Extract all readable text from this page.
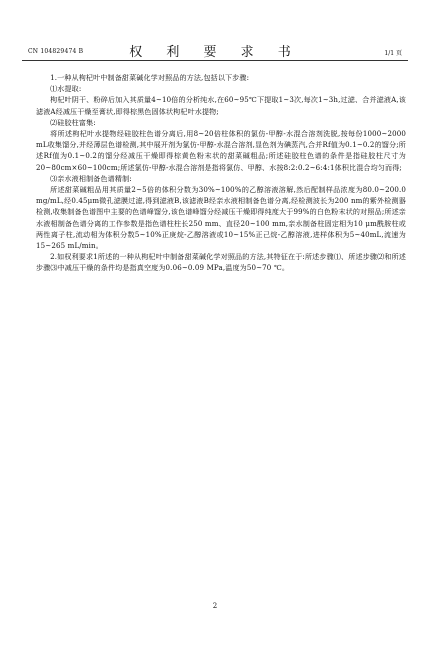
CN 104829474 B	权 利 要 求 书	1/1 页

1.一种从枸杞叶中制备甜菜碱化学对照品的方法,包括以下步骤:

⑴水提取:

枸杞叶阴干、粉碎后加入其质量4~10倍的分析纯水,在60~95℃下提取1~3次,每次1~3h,过滤、合并滤液A,该滤液A经减压干燥至膏状,即得棕黑色固体状枸杞叶水提物;

⑵硅胶柱富集:

将所述枸杞叶水提物经硅胶柱色谱分离后,用8~20倍柱体积的氯仿-甲醇-水混合溶剂洗脱,按每份1000~2000 mL收集馏分,并经薄层色谱检测,其中展开剂为氯仿-甲醇-水混合溶剂,显色剂为碘蒸汽,合并Rf值为0.1~0.2的馏分;所述Rf值为0.1~0.2的馏分经减压干燥即得棕黄色粉末状的甜菜碱粗品;所述硅胶柱色谱的条件是指硅胶柱尺寸为20~80cm×60~100cm;所述氯仿-甲醇-水混合溶剂是指将氯仿、甲醇、水按8:2:0.2~6:4:1体积比混合均匀而得;

⑶亲水液相制备色谱精制:

所述甜菜碱粗品用其质量2~5倍的体积分数为30%~100%的乙醇溶液溶解,然后配制样品浓度为80.0~200.0 mg/mL,经0.45μm微孔滤膜过滤,得到滤液B,该滤液B经亲水液相制备色谱分离,经检测波长为200 nm的紫外检测器检测,收集制备色谱图中主要的色谱峰馏分,该色谱峰馏分经减压干燥即得纯度大于99%的白色粉末状的对照品;所述亲水液相制备色谱分离的工作参数是指色谱柱柱长250 mm、直径20~100 mm,亲水制备柱固定相为10 μm酰胺柱或两性离子柱,流动相为体积分数5~10%正庚烷-乙醇溶液或10~15%正己烷-乙醇溶液,进样体积为5~40mL,流速为15~265 mL/min。

2.如权利要求1所述的一种从枸杞叶中制备甜菜碱化学对照品的方法,其特征在于:所述步骤⑴、所述步骤⑵和所述步骤⑶中减压干燥的条件均是指真空度为0.06~0.09 MPa,温度为50~70 ℃。

2
